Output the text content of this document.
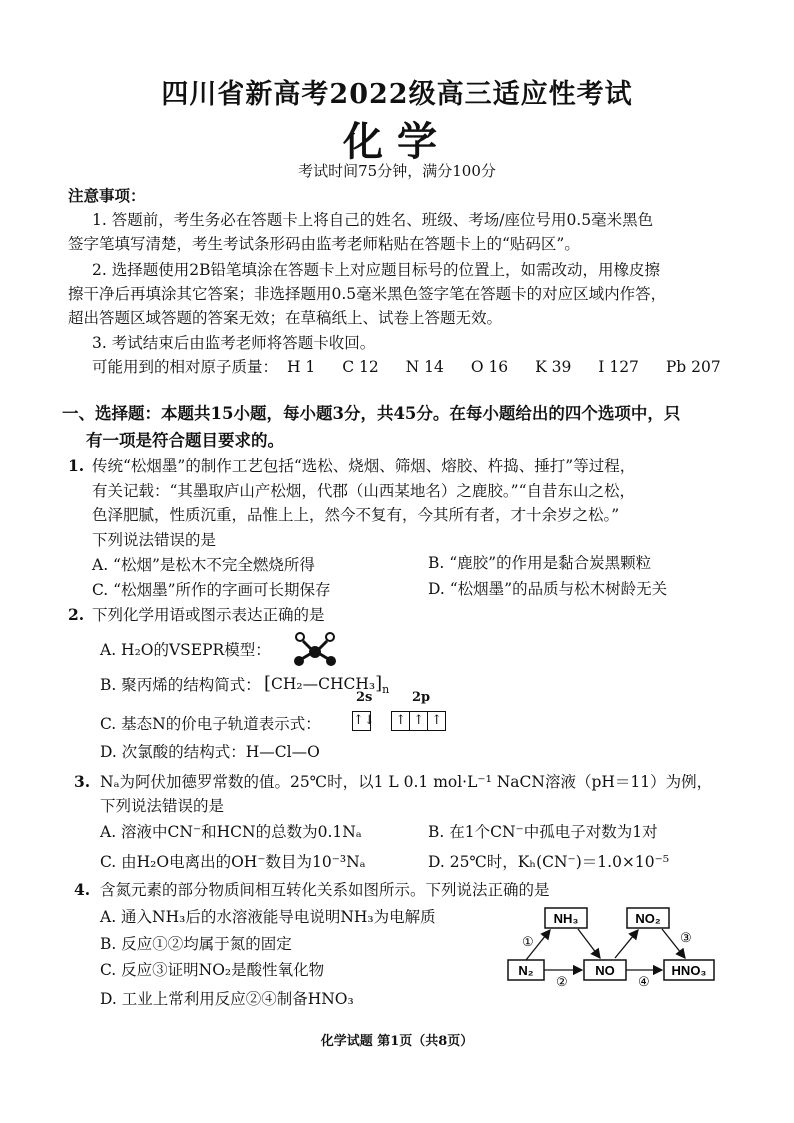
四川省新高考2022级高三适应性考试
化学
考试时间75分钟，满分100分
注意事项：
1. 答题前，考生务必在答题卡上将自己的姓名、班级、考场/座位号用0.5毫米黑色
签字笔填写清楚，考生考试条形码由监考老师粘贴在答题卡上的“贴码区”。
2. 选择题使用2B铅笔填涂在答题卡上对应题目标号的位置上，如需改动，用橡皮擦
擦干净后再填涂其它答案；非选择题用0.5毫米黑色签字笔在答题卡的对应区域内作答，
超出答题区域答题的答案无效；在草稿纸上、试卷上答题无效。
3. 考试结束后由监考老师将答题卡收回。
可能用到的相对原子质量： H 1 C 12 N 14 O 16 K 39 I 127 Pb 207
一、选择题：本题共15小题，每小题3分，共45分。在每小题给出的四个选项中，只
有一项是符合题目要求的。
1. 传统“松烟墨”的制作工艺包括“选松、烧烟、筛烟、熔胶、杵捣、捶打”等过程，
有关记载：“其墨取庐山产松烟，代郡（山西某地名）之鹿胶。”“自昔东山之松，
色泽肥腻，性质沉重，品惟上上，然今不复有，今其所有者，才十余岁之松。”
下列说法错误的是
A. “松烟”是松木不完全燃烧所得	B. “鹿胶”的作用是黏合炭黑颗粒
C. “松烟墨”所作的字画可长期保存	D. “松烟墨”的品质与松木树龄无关
2. 下列化学用语或图示表达正确的是
A. H₂O的VSEPR模型：
B. 聚丙烯的结构简式： $[CH_2—CHCH_3]_n$
2s	2p
C. 基态N的价电子轨道表示式： ↑↓ ↑ ↑ ↑
D. 次氯酸的结构式：H—Cl—O
3. Nₐ为阿伏加德罗常数的值。25℃时，以1 L 0.1 mol·L⁻¹ NaCN溶液（pH＝11）为例，
下列说法错误的是
A. 溶液中CN⁻和HCN的总数为0.1Nₐ	B. 在1个CN⁻中孤电子对数为1对
C. 由H₂O电离出的OH⁻数目为10⁻³Nₐ	D. 25℃时，Kₕ(CN⁻)＝1.0×10⁻⁵
4. 含氮元素的部分物质间相互转化关系如图所示。下列说法正确的是
A. 通入NH₃后的水溶液能导电说明NH₃为电解质
B. 反应①②均属于氮的固定
C. 反应③证明NO₂是酸性氧化物
D. 工业上常利用反应②④制备HNO₃
NH₃	NO₂
N₂	NO	HNO₃
①
②
③
④
化学试题 第1页（共8页）
